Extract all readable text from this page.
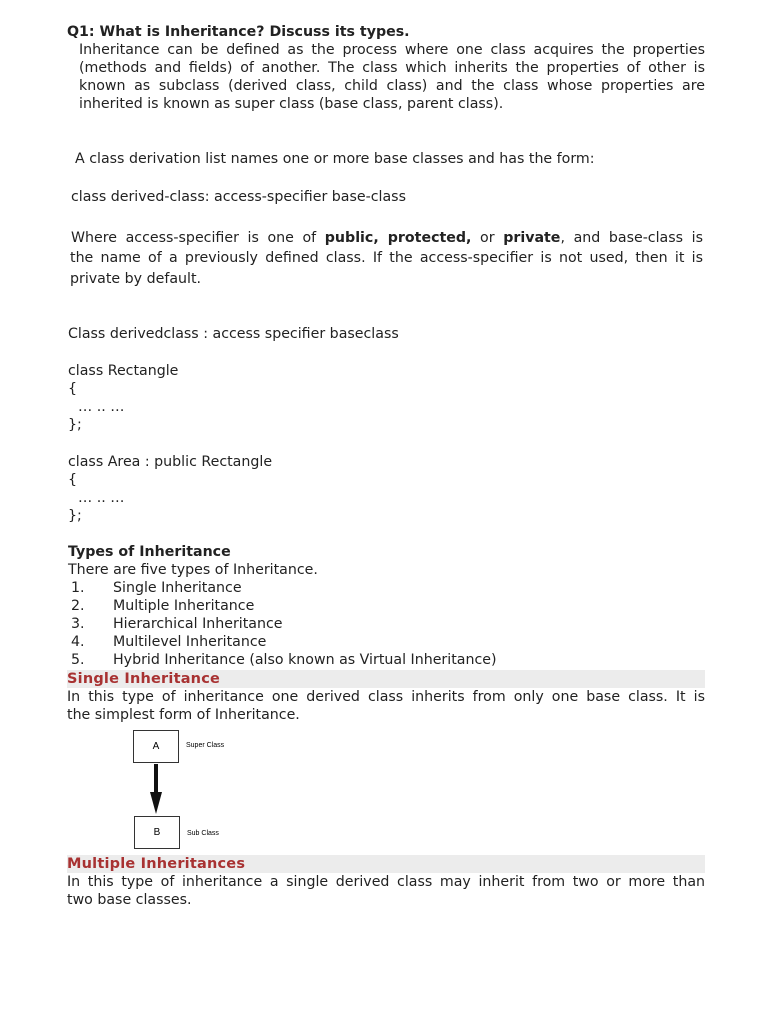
Q1: What is Inheritance? Discuss its types.
Inheritance can be defined as the process where one class acquires the properties
(methods and fields) of another. The class which inherits the properties of other is
known as subclass (derived class, child class) and the class whose properties are
inherited is known as super class (base class, parent class).
A class derivation list names one or more base classes and has the form:
class derived-class: access-specifier base-class
Where access-specifier is one of public, protected, or private, and base-class is
the name of a previously defined class. If the access-specifier is not used, then it is
private by default.
Class derivedclass : access specifier baseclass
class Rectangle
{
… .. …
};
class Area : public Rectangle
{
… .. …
};
Types of Inheritance
There are five types of Inheritance.
1. Single Inheritance
2. Multiple Inheritance
3. Hierarchical Inheritance
4. Multilevel Inheritance
5. Hybrid Inheritance (also known as Virtual Inheritance)
Single Inheritance
In this type of inheritance one derived class inherits from only one base class. It is
the simplest form of Inheritance.
A	Super Class
B	Sub Class
Multiple Inheritances
In this type of inheritance a single derived class may inherit from two or more than
two base classes.
